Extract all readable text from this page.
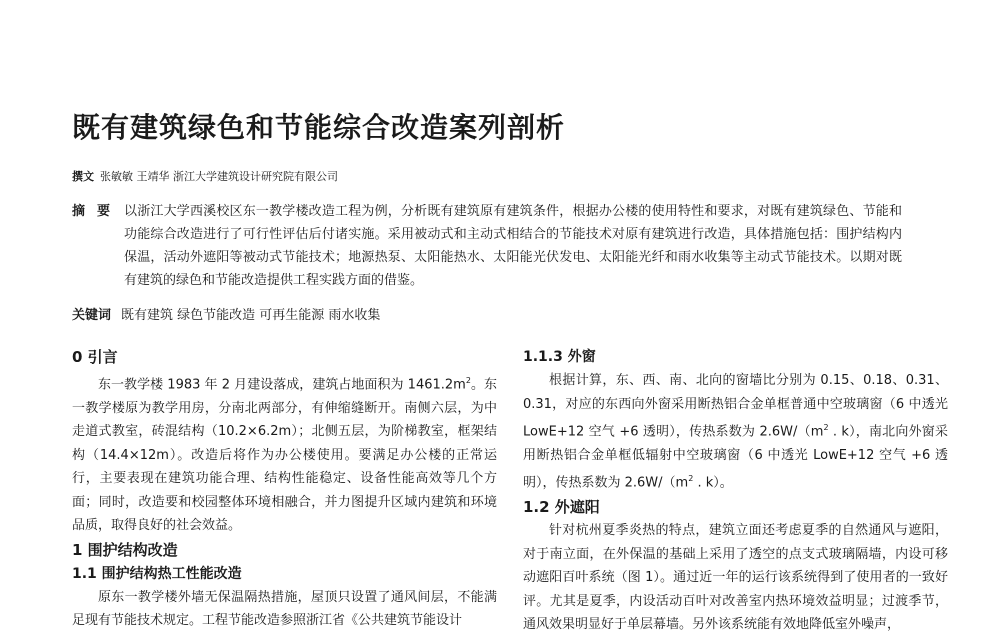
既有建筑绿色和节能综合改造案列剖析
撰文 张敏敏 王靖华 浙江大学建筑设计研究院有限公司
摘要 以浙江大学西溪校区东一教学楼改造工程为例，分析既有建筑原有建筑条件，根据办公楼的使用特性和要求，对既有建筑绿色、节能和功能综合改造进行了可行性评估后付诸实施。采用被动式和主动式相结合的节能技术对原有建筑进行改造，具体措施包括：围护结构内保温，活动外遮阳等被动式节能技术；地源热泵、太阳能热水、太阳能光伏发电、太阳能光纤和雨水收集等主动式节能技术。以期对既有建筑的绿色和节能改造提供工程实践方面的借鉴。
关键词 既有建筑 绿色节能改造 可再生能源 雨水收集
0 引言

东一教学楼 1983 年 2 月建设落成，建筑占地面积为 $1461.2m^2$。东一教学楼原为教学用房，分南北两部分，有伸缩缝断开。南侧六层，为中走道式教室，砖混结构（10.2×6.2m）；北侧五层，为阶梯教室，框架结构（14.4×12m）。改造后将作为办公楼使用。要满足办公楼的正常运行，主要表现在建筑功能合理、结构性能稳定、设备性能高效等几个方面；同时，改造要和校园整体环境相融合，并力图提升区域内建筑和环境品质，取得良好的社会效益。

1 围护结构改造
1.1 围护结构热工性能改造

原东一教学楼外墙无保温隔热措施，屋顶只设置了通风间层，不能满足现有节能技术规定。工程节能改造参照浙江省《公共建筑节能设计

1.1.3 外窗

根据计算，东、西、南、北向的窗墙比分别为 0.15、0.18、0.31、0.31，对应的东西向外窗采用断热铝合金单框普通中空玻璃窗（6 中透光 LowE+12 空气 +6 透明），传热系数为 $2.6W/(m^2$ . k），南北向外窗采用断热铝合金单框低辐射中空玻璃窗（6 中透光 LowE+12 空气 +6 透明），传热系数为 $2.6W/(m^2$ . k）。

1.2 外遮阳

针对杭州夏季炎热的特点，建筑立面还考虑夏季的自然通风与遮阳，对于南立面，在外保温的基础上采用了透空的点支式玻璃隔墙，内设可移动遮阳百叶系统（图 1）。通过近一年的运行该系统得到了使用者的一致好评。尤其是夏季，内设活动百叶对改善室内热环境效益明显；过渡季节，通风效果明显好于单层幕墙。另外该系统能有效地降低室外噪声，
